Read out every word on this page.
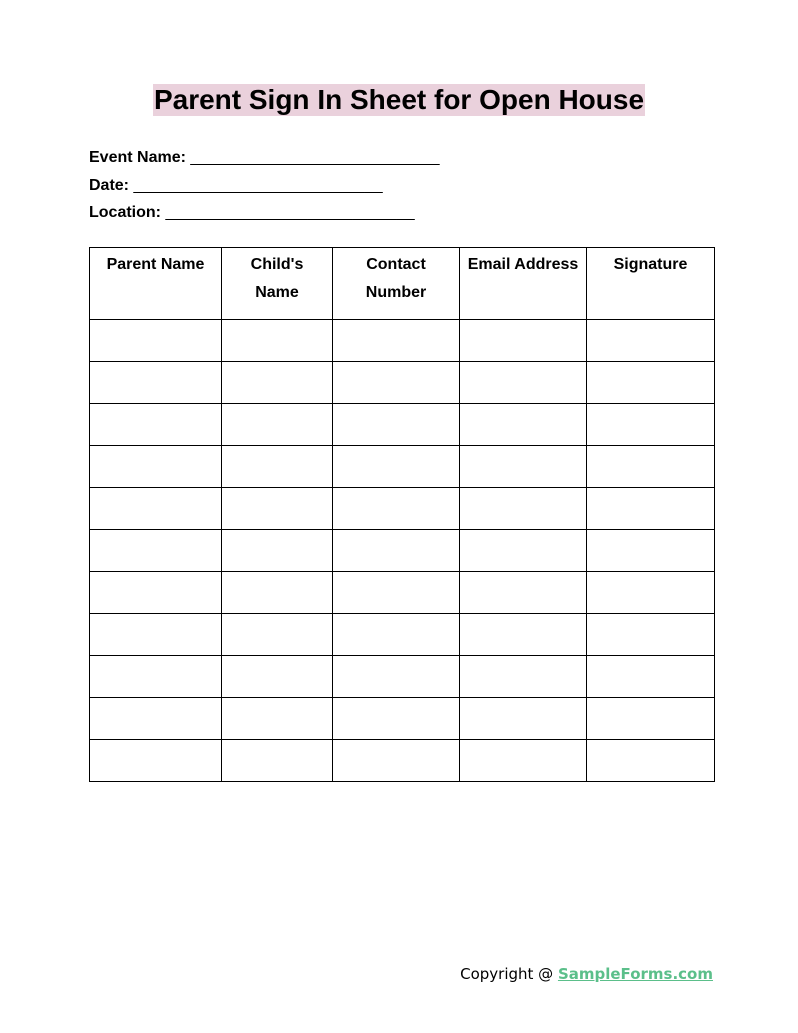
Parent Sign In Sheet for Open House
Event Name: ____________________________
Date: ____________________________
Location: ____________________________
Parent Name	Child's Name	Contact Number	Email Address	Signature

Copyright @ SampleForms.com
